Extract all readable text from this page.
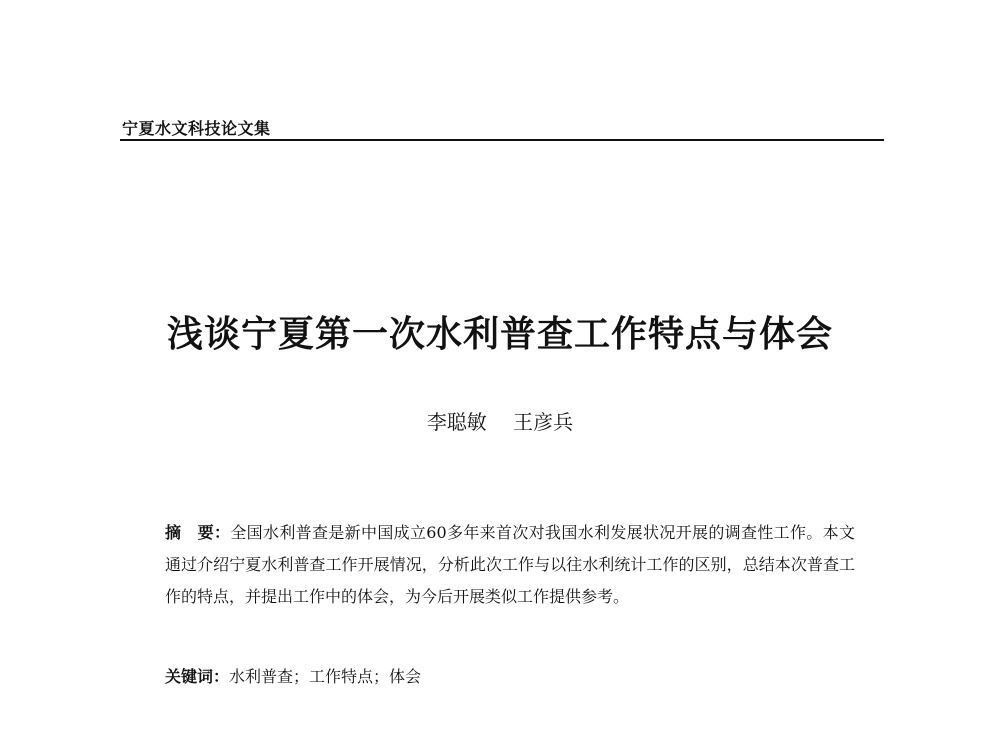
宁夏水文科技论文集
浅谈宁夏第一次水利普查工作特点与体会
李聪敏 王彦兵
摘　要：全国水利普查是新中国成立60多年来首次对我国水利发展状况开展的调查性工作。本文通过介绍宁夏水利普查工作开展情况，分析此次工作与以往水利统计工作的区别，总结本次普查工作的特点，并提出工作中的体会，为今后开展类似工作提供参考。
关键词：水利普查；工作特点；体会
